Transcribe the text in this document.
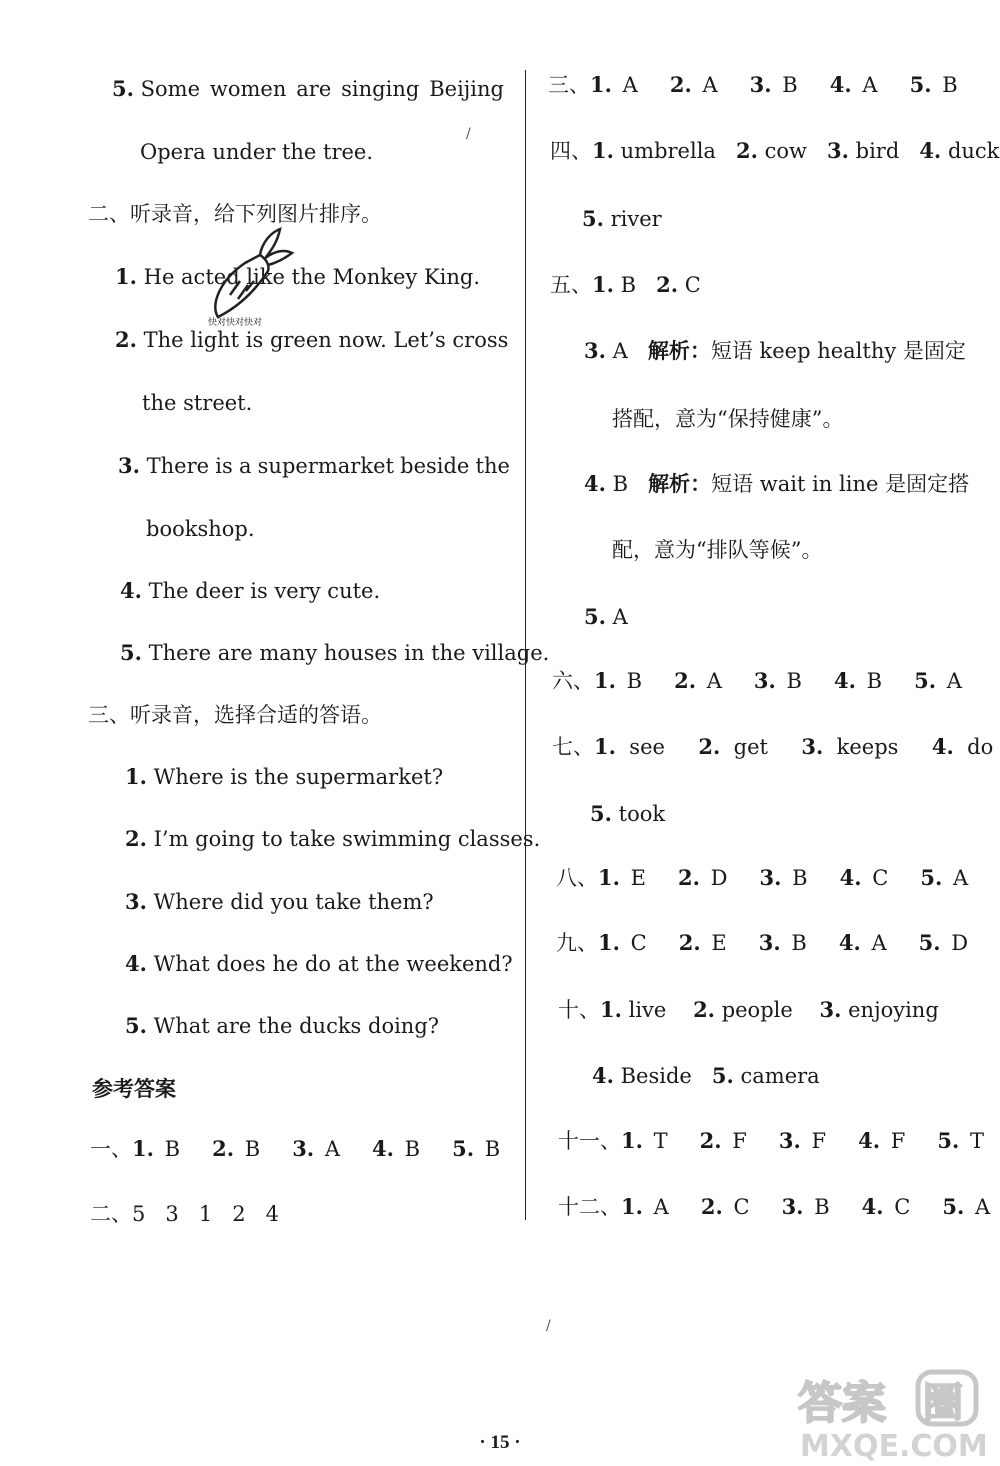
5. Some women are singing Beijing
Opera under the tree.
二、听录音，给下列图片排序。
1. He acted like the Monkey King.
2. The light is green now. Let’s cross
the street.
3. There is a supermarket beside the
bookshop.
4. The deer is very cute.
5. There are many houses in the village.
三、听录音，选择合适的答语。
1. Where is the supermarket?
2. I’m going to take swimming classes.
3. Where did you take them?
4. What does he do at the weekend?
5. What are the ducks doing?
参考答案
一、1. B 2. B 3. A 4. B 5. B
二、5 3 1 2 4
快对快对快对
/
/
三、1. A 2. A 3. B 4. A 5. B
四、1. umbrella 2. cow 3. bird 4. duck
5. river
五、1. B 2. C
3. A 解析：短语 keep healthy 是固定
搭配，意为“保持健康”。
4. B 解析：短语 wait in line 是固定搭
配，意为“排队等候”。
5. A
六、1. B 2. A 3. B 4. B 5. A
七、1. see 2. get 3. keeps 4. do
5. took
八、1. E 2. D 3. B 4. C 5. A
九、1. C 2. E 3. B 4. A 5. D
十、1. live 2. people 3. enjoying
4. Beside 5. camera
十一、1. T 2. F 3. F 4. F 5. T
十二、1. A 2. C 3. B 4. C 5. A
· 15 ·
答案 圈
MXQE.COM
